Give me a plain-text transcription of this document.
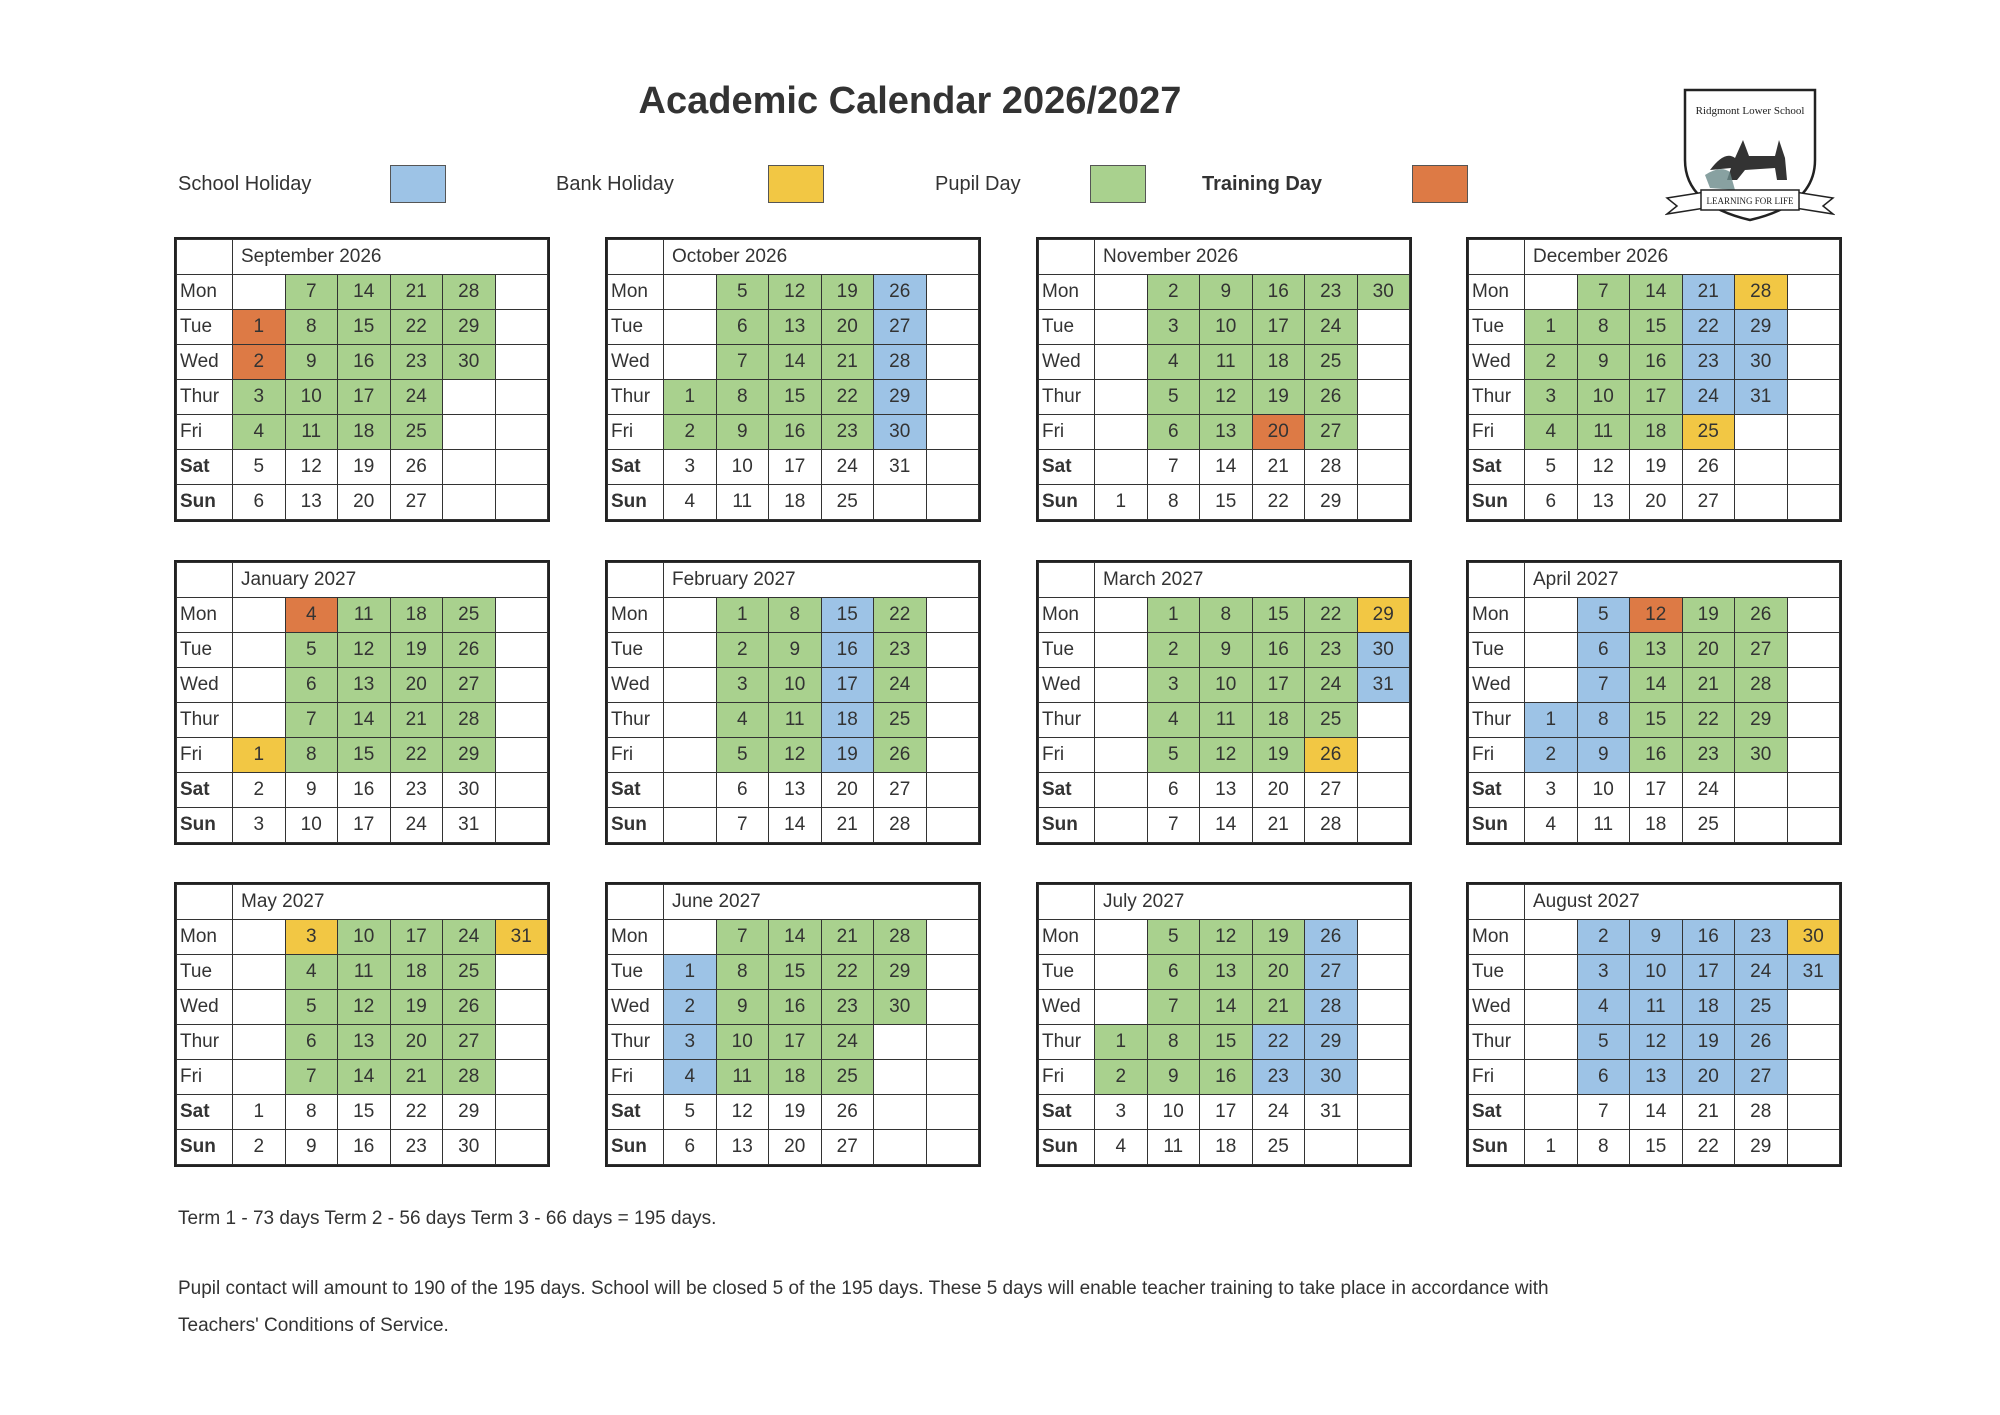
Academic Calendar 2026/2027	Ridgmont Lower School
LEARNING FOR LIFE
School Holiday	Bank Holiday	Pupil Day	Training Day
	September 2026					
Mon		7	14	21	28	
Tue	1	8	15	22	29	
Wed	2	9	16	23	30	
Thur	3	10	17	24		
Fri	4	11	18	25		
Sat	5	12	19	26		
Sun	6	13	20	27		
	October 2026					
Mon		5	12	19	26	
Tue		6	13	20	27	
Wed		7	14	21	28	
Thur	1	8	15	22	29	
Fri	2	9	16	23	30	
Sat	3	10	17	24	31	
Sun	4	11	18	25		
	November 2026					
Mon		2	9	16	23	30
Tue		3	10	17	24	
Wed		4	11	18	25	
Thur		5	12	19	26	
Fri		6	13	20	27	
Sat		7	14	21	28	
Sun	1	8	15	22	29	
	December 2026					
Mon		7	14	21	28	
Tue	1	8	15	22	29	
Wed	2	9	16	23	30	
Thur	3	10	17	24	31	
Fri	4	11	18	25		
Sat	5	12	19	26		
Sun	6	13	20	27		
	January 2027					
Mon		4	11	18	25	
Tue		5	12	19	26	
Wed		6	13	20	27	
Thur		7	14	21	28	
Fri	1	8	15	22	29	
Sat	2	9	16	23	30	
Sun	3	10	17	24	31	
	February 2027					
Mon		1	8	15	22	
Tue		2	9	16	23	
Wed		3	10	17	24	
Thur		4	11	18	25	
Fri		5	12	19	26	
Sat		6	13	20	27	
Sun		7	14	21	28	
	March 2027					
Mon		1	8	15	22	29
Tue		2	9	16	23	30
Wed		3	10	17	24	31
Thur		4	11	18	25	
Fri		5	12	19	26	
Sat		6	13	20	27	
Sun		7	14	21	28	
	April 2027					
Mon		5	12	19	26	
Tue		6	13	20	27	
Wed		7	14	21	28	
Thur	1	8	15	22	29	
Fri	2	9	16	23	30	
Sat	3	10	17	24		
Sun	4	11	18	25		
	May 2027					
Mon		3	10	17	24	31
Tue		4	11	18	25	
Wed		5	12	19	26	
Thur		6	13	20	27	
Fri		7	14	21	28	
Sat	1	8	15	22	29	
Sun	2	9	16	23	30	
	June 2027					
Mon		7	14	21	28	
Tue	1	8	15	22	29	
Wed	2	9	16	23	30	
Thur	3	10	17	24		
Fri	4	11	18	25		
Sat	5	12	19	26		
Sun	6	13	20	27		
	July 2027					
Mon		5	12	19	26	
Tue		6	13	20	27	
Wed		7	14	21	28	
Thur	1	8	15	22	29	
Fri	2	9	16	23	30	
Sat	3	10	17	24	31	
Sun	4	11	18	25		
	August 2027					
Mon		2	9	16	23	30
Tue		3	10	17	24	31
Wed		4	11	18	25	
Thur		5	12	19	26	
Fri		6	13	20	27	
Sat		7	14	21	28	
Sun	1	8	15	22	29	
Term 1 - 73 days Term 2 - 56 days Term 3 - 66 days = 195 days.
Pupil contact will amount to 190 of the 195 days. School will be closed 5 of the 195 days. These 5 days will enable teacher training to take place in accordance with
Teachers' Conditions of Service.
